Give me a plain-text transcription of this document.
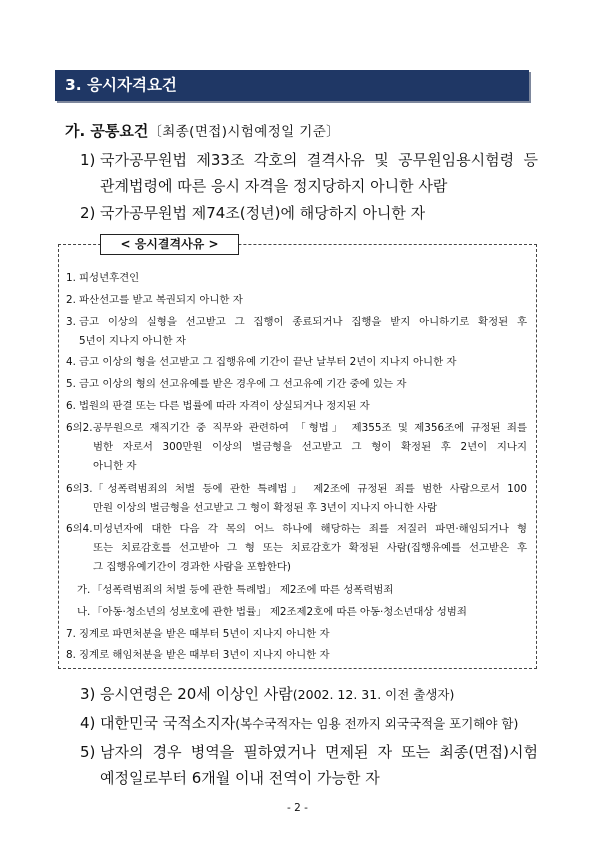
3. 응시자격요건
가. 공통요건〔최종(면접)시험예정일 기준〕
1) 국가공무원법 제33조 각호의 결격사유 및 공무원임용시험령 등
관계법령에 따른 응시 자격을 정지당하지 아니한 사람
2) 국가공무원법 제74조(정년)에 해당하지 아니한 자
< 응시결격사유 >
1. 피성년후견인
2. 파산선고를 받고 복권되지 아니한 자
3. 금고 이상의 실형을 선고받고 그 집행이 종료되거나 집행을 받지 아니하기로 확정된 후
5년이 지나지 아니한 자
4. 금고 이상의 형을 선고받고 그 집행유예 기간이 끝난 날부터 2년이 지나지 아니한 자
5. 금고 이상의 형의 선고유예를 받은 경우에 그 선고유예 기간 중에 있는 자
6. 법원의 판결 또는 다른 법률에 따라 자격이 상실되거나 정지된 자
6의2. 공무원으로 재직기간 중 직무와 관련하여 「형법」 제355조 및 제356조에 규정된 죄를
범한 자로서 300만원 이상의 벌금형을 선고받고 그 형이 확정된 후 2년이 지나지
아니한 자
6의3. 「성폭력범죄의 처벌 등에 관한 특례법」 제2조에 규정된 죄를 범한 사람으로서 100
만원 이상의 벌금형을 선고받고 그 형이 확정된 후 3년이 지나지 아니한 사람
6의4. 미성년자에 대한 다음 각 목의 어느 하나에 해당하는 죄를 저질러 파면·해임되거나 형
또는 치료감호를 선고받아 그 형 또는 치료감호가 확정된 사람(집행유예를 선고받은 후
그 집행유예기간이 경과한 사람을 포함한다)
가. 「성폭력범죄의 처벌 등에 관한 특례법」 제2조에 따른 성폭력범죄
나. 「아동·청소년의 성보호에 관한 법률」 제2조제2호에 따른 아동·청소년대상 성범죄
7. 징계로 파면처분을 받은 때부터 5년이 지나지 아니한 자
8. 징계로 해임처분을 받은 때부터 3년이 지나지 아니한 자
3) 응시연령은 20세 이상인 사람(2002. 12. 31. 이전 출생자)
4) 대한민국 국적소지자(복수국적자는 임용 전까지 외국국적을 포기해야 함)
5) 남자의 경우 병역을 필하였거나 면제된 자 또는 최종(면접)시험
예정일로부터 6개월 이내 전역이 가능한 자
- 2 -
